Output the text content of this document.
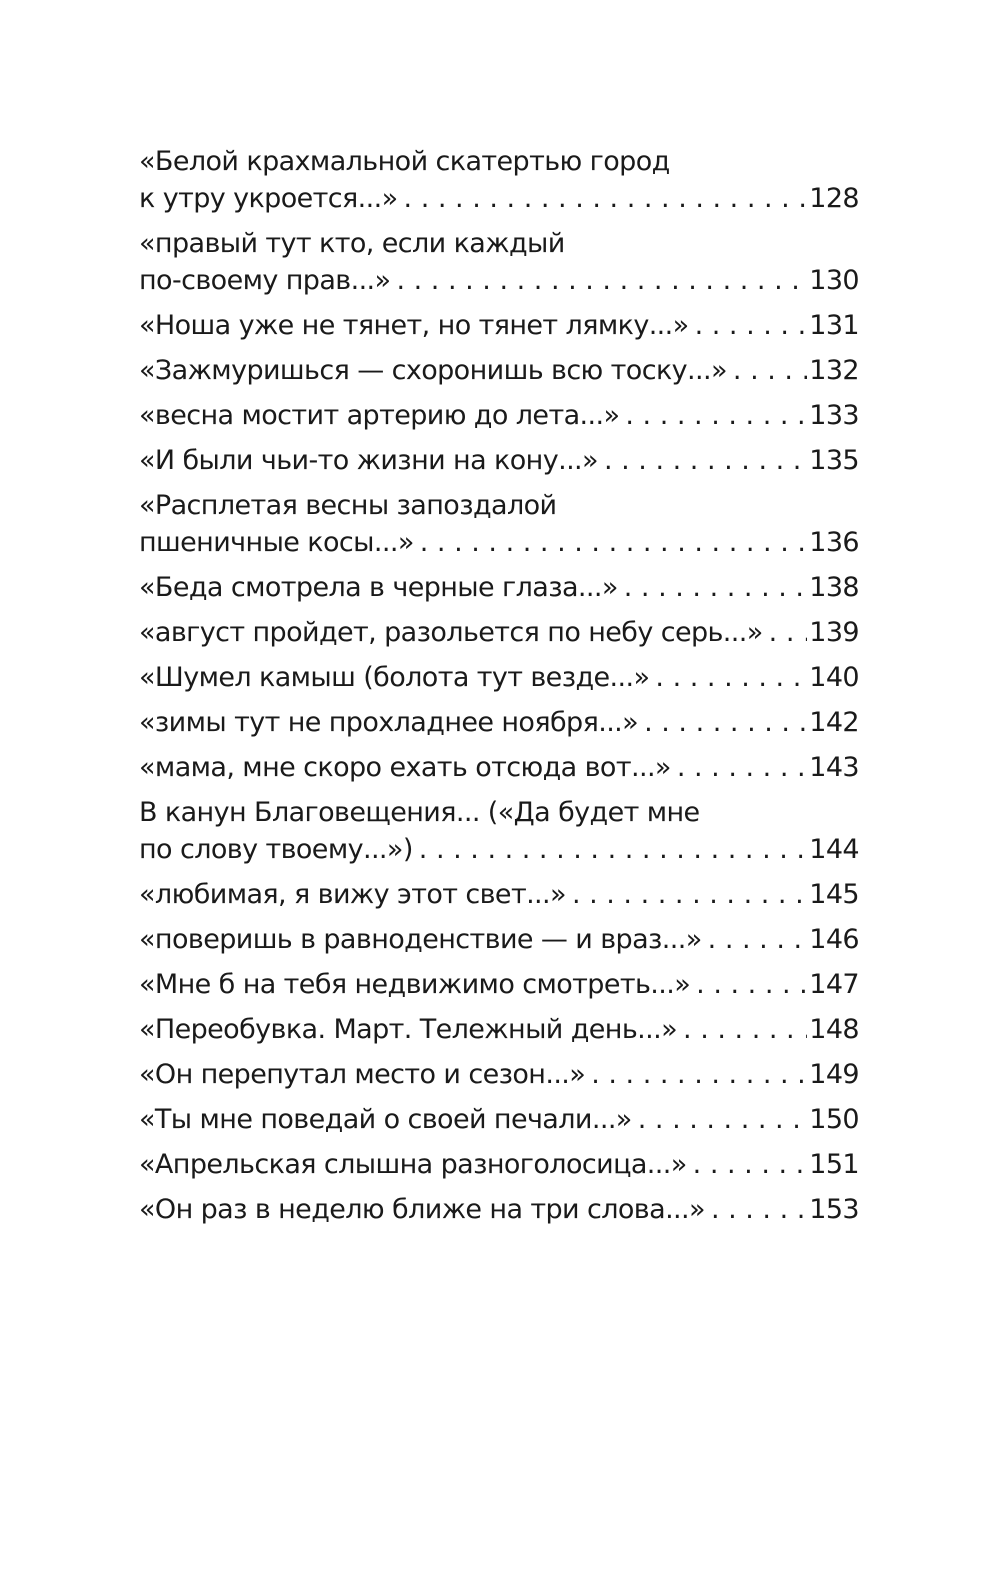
«Белой крахмальной скатертью город
к утру укроется...» . . .	128
«правый тут кто, если каждый
по-своему прав...» . . .	130
«Ноша уже не тянет, но тянет лямку...» . . .	131
«Зажмуришься — схоронишь всю тоску...» . . .	132
«весна мостит артерию до лета...» . . .	133
«И были чьи-то жизни на кону...» . . .	135
«Расплетая весны запоздалой
пшеничные косы...» . . .	136
«Беда смотрела в черные глаза...» . . .	138
«август пройдет, разольется по небу серь...» . . . 139
«Шумел камыш (болота тут везде...» . . .	140
«зимы тут не прохладнее ноября...» . . .	142
«мама, мне скоро ехать отсюда вот...» . . .	143
В канун Благовещения... («Да будет мне
по слову твоему...») . . .	144
«любимая, я вижу этот свет...» . . .	145
«поверишь в равноденствие — и враз...» . . .	146
«Мне б на тебя недвижимо смотреть...» . . .	147
«Переобувка. Март. Тележный день...» . . .	148
«Он перепутал место и сезон...» . . .	149
«Ты мне поведай о своей печали...» . . .	150
«Апрельская слышна разноголосица...» . . .	151
«Он раз в неделю ближе на три слова...» . . .	153
